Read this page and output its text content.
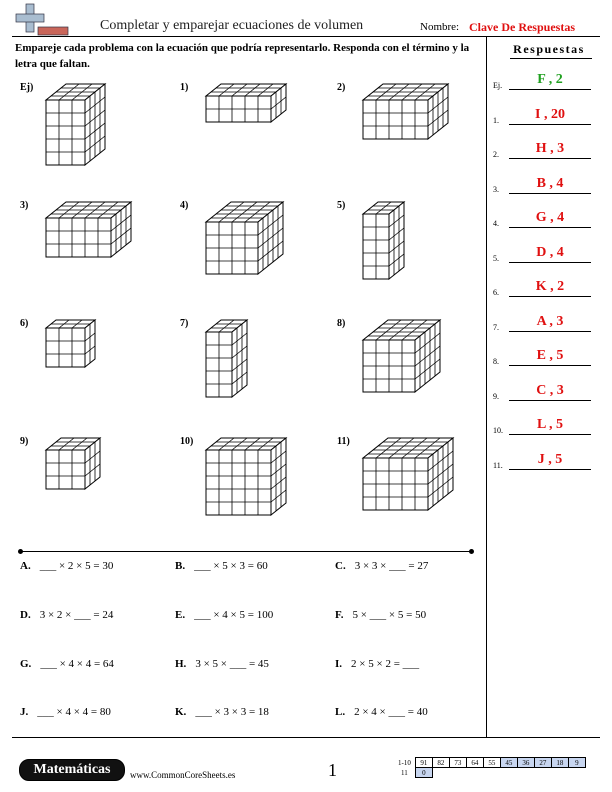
Completar y emparejar ecuaciones de volumen	Nombre: Clave De Respuestas
Empareje cada problema con la ecuación que podría representarlo. Responda con el término y la letra que faltan.
Ej)	1)	2)
3)	4)	5)
6)	7)	8)
9)	10)	11)
Respuestas
Ej.	F , 2
1.	I , 20
2.	H , 3
3.	B , 4
4.	G , 4
5.	D , 4
6.	K , 2
7.	A , 3
8.	E , 5
9.	C , 3
10.	L , 5
11.	J , 5
A. ___ × 2 × 5 = 30	B. ___ × 5 × 3 = 60	C. 3 × 3 × ___ = 27
D. 3 × 2 × ___ = 24	E. ___ × 4 × 5 = 100	F. 5 × ___ × 5 = 50
G. ___ × 4 × 4 = 64	H. 3 × 5 × ___ = 45	I. 2 × 5 × 2 = ___
J. ___ × 4 × 4 = 80	K. ___ × 3 × 3 = 18	L. 2 × 4 × ___ = 40
Matemáticas	www.CommonCoreSheets.es	1	1-10	91	82	73	64	55	45	36	27	18	9
11	0									
